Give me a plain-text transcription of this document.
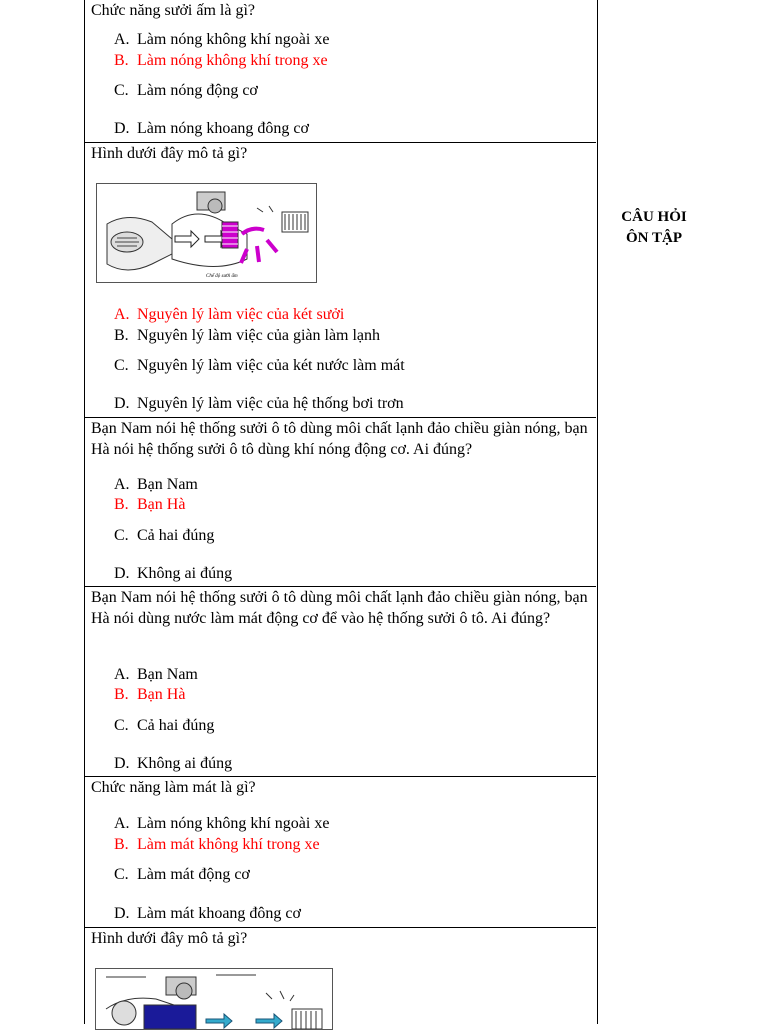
Chức năng sưởi ấm là gì?

A. Làm nóng không khí ngoài xe
B. Làm nóng không khí trong xe
C. Làm nóng động cơ
D. Làm nóng khoang đông cơ

Hình dưới đây mô tả gì?

Chế độ sưởi ấm
A. Nguyên lý làm việc của két sưởi
B. Nguyên lý làm việc của giàn làm lạnh
C. Nguyên lý làm việc của két nước làm mát
D. Nguyên lý làm việc của hệ thống bơi trơn

Bạn Nam nói hệ thống sưởi ô tô dùng môi chất lạnh đảo chiều giàn nóng, bạn Hà nói hệ thống sưởi ô tô dùng khí nóng động cơ. Ai đúng?

A. Bạn Nam
B. Bạn Hà
C. Cả hai đúng
D. Không ai đúng

Bạn Nam nói hệ thống sưởi ô tô dùng môi chất lạnh đảo chiều giàn nóng, bạn Hà nói dùng nước làm mát động cơ để vào hệ thống sưởi ô tô. Ai đúng?

A. Bạn Nam
B. Bạn Hà
C. Cả hai đúng
D. Không ai đúng

Chức năng làm mát là gì?

A. Làm nóng không khí ngoài xe
B. Làm mát không khí trong xe
C. Làm mát động cơ
D. Làm mát khoang đông cơ

Hình dưới đây mô tả gì?

CÂU HỎI
ÔN TẬP
